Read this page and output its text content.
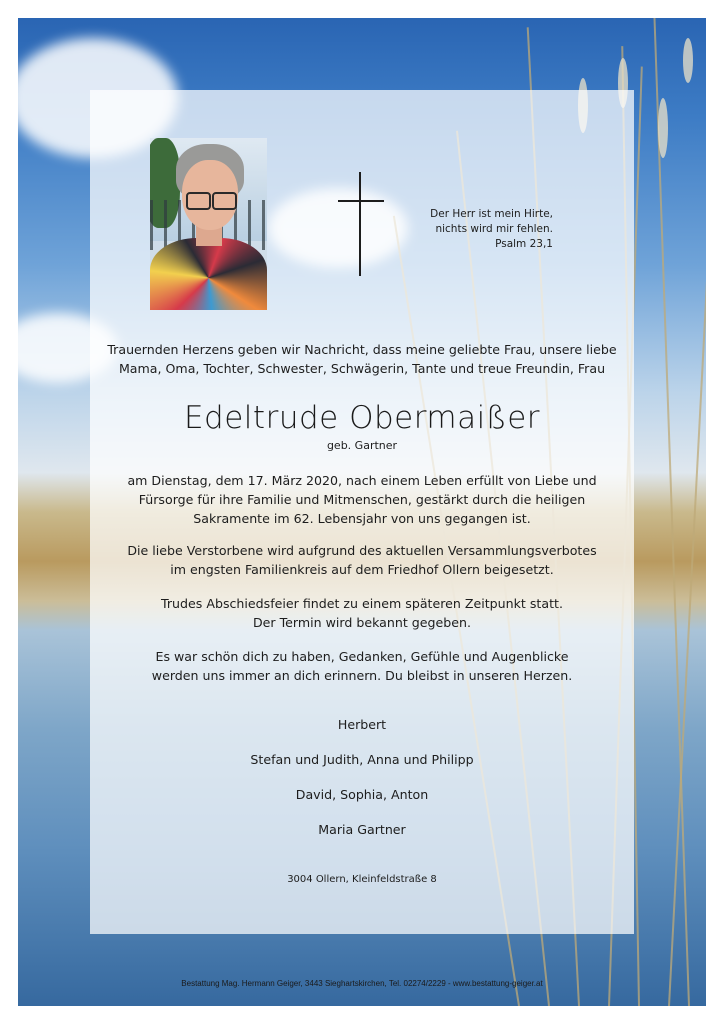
Der Herr ist mein Hirte,
nichts wird mir fehlen.
Psalm 23,1
Trauernden Herzens geben wir Nachricht, dass meine geliebte Frau, unsere liebe
Mama, Oma, Tochter, Schwester, Schwägerin, Tante und treue Freundin, Frau
Edeltrude Obermaißer
geb. Gartner
am Dienstag, dem 17. März 2020, nach einem Leben erfüllt von Liebe und
Fürsorge für ihre Familie und Mitmenschen, gestärkt durch die heiligen
Sakramente im 62. Lebensjahr von uns gegangen ist.
Die liebe Verstorbene wird aufgrund des aktuellen Versammlungsverbotes
im engsten Familienkreis auf dem Friedhof Ollern beigesetzt.
Trudes Abschiedsfeier findet zu einem späteren Zeitpunkt statt.
Der Termin wird bekannt gegeben.
Es war schön dich zu haben, Gedanken, Gefühle und Augenblicke
werden uns immer an dich erinnern. Du bleibst in unseren Herzen.
Herbert
Stefan und Judith, Anna und Philipp
David, Sophia, Anton
Maria Gartner
3004 Ollern, Kleinfeldstraße 8
Bestattung Mag. Hermann Geiger, 3443 Sieghartskirchen, Tel. 02274/2229 - www.bestattung-geiger.at
